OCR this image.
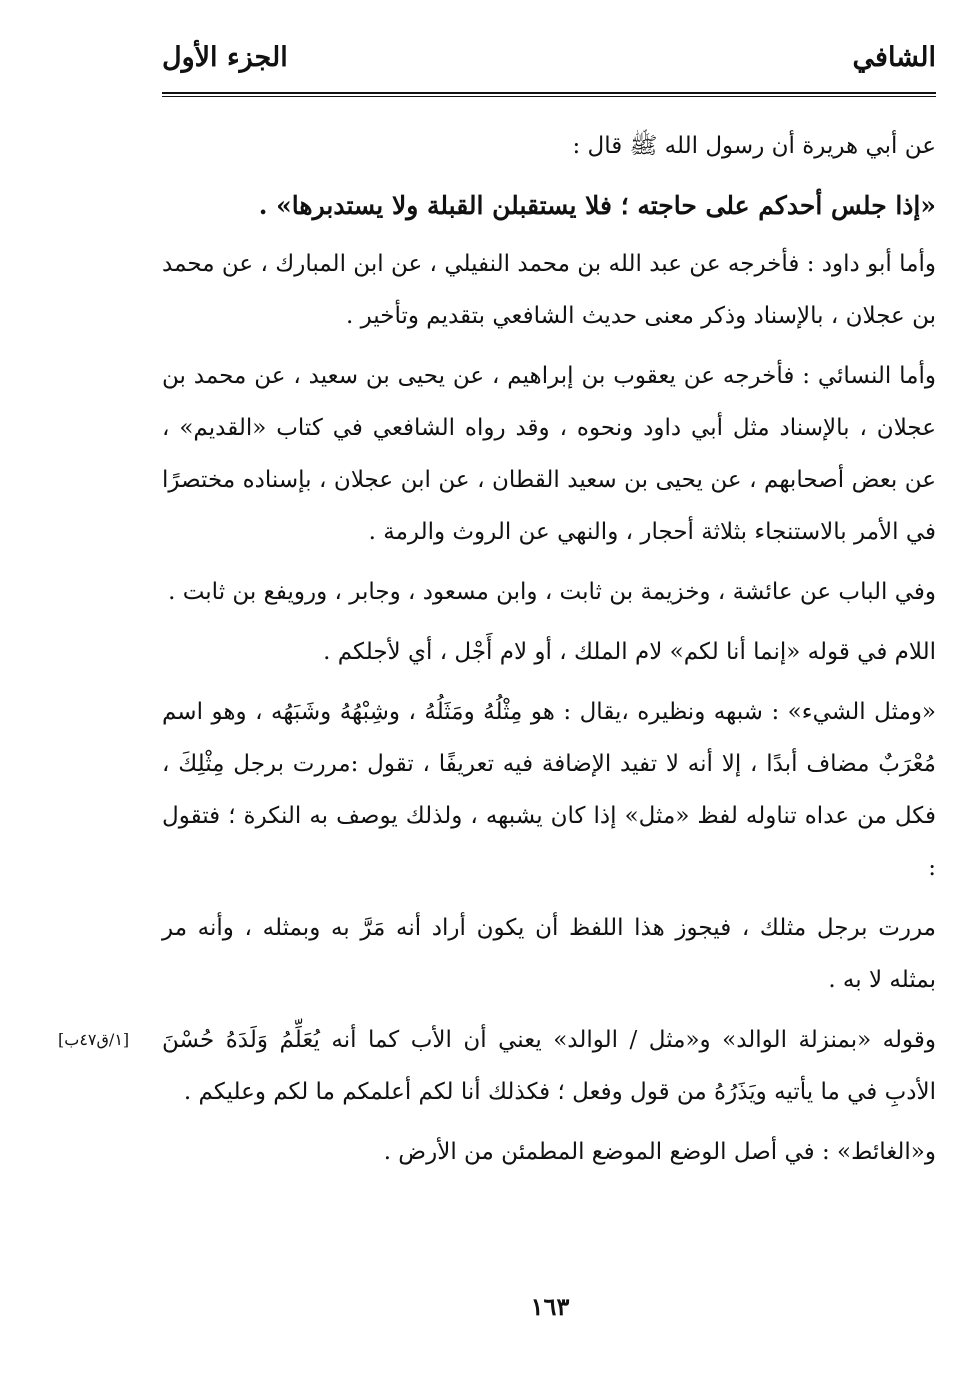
الشافي
الجزء الأول

عن أبي هريرة أن رسول الله ﷺ قال :

«إذا جلس أحدكم على حاجته ؛ فلا يستقبلن القبلة ولا يستدبرها» .

وأما أبو داود : فأخرجه عن عبد الله بن محمد النفيلي ، عن ابن المبارك ، عن محمد بن عجلان ، بالإسناد وذكر معنى حديث الشافعي بتقديم وتأخير .

وأما النسائي : فأخرجه عن يعقوب بن إبراهيم ، عن يحيى بن سعيد ، عن محمد بن عجلان ، بالإسناد مثل أبي داود ونحوه ، وقد رواه الشافعي في كتاب «القديم» ، عن بعض أصحابهم ، عن يحيى بن سعيد القطان ، عن ابن عجلان ، بإسناده مختصرًا في الأمر بالاستنجاء بثلاثة أحجار ، والنهي عن الروث والرمة .

وفي الباب عن عائشة ، وخزيمة بن ثابت ، وابن مسعود ، وجابر ، ورويفع بن ثابت .

اللام في قوله «إنما أنا لكم» لام الملك ، أو لام أَجْل ، أي لأجلكم .

«ومثل الشيء» : شبهه ونظيره ،يقال : هو مِثْلُهُ ومَثَلُهُ ، وشِبْهُهُ وشَبَهُه ، وهو اسم مُعْرَبٌ مضاف أبدًا ، إلا أنه لا تفيد الإضافة فيه تعريفًا ، تقول :مررت برجل مِثْلِكَ ، فكل من عداه تناوله لفظ «مثل» إذا كان يشبهه ، ولذلك يوصف به النكرة ؛ فتقول :

مررت برجل مثلك ، فيجوز هذا اللفظ أن يكون أراد أنه مَرَّ به وبمثله ، وأنه مر بمثله لا به .

وقوله «بمنزلة الوالد» و«مثل / الوالد» يعني أن الأب كما أنه يُعَلِّمُ وَلَدَهُ حُسْنَ الأدبِ في ما يأتيه ويَذَرُهُ من قول وفعل ؛ فكذلك أنا لكم أعلمكم ما لكم وعليكم .

و«الغائط» : في أصل الوضع الموضع المطمئن من الأرض .

[١/ق٤٧ب]
١٦٣
